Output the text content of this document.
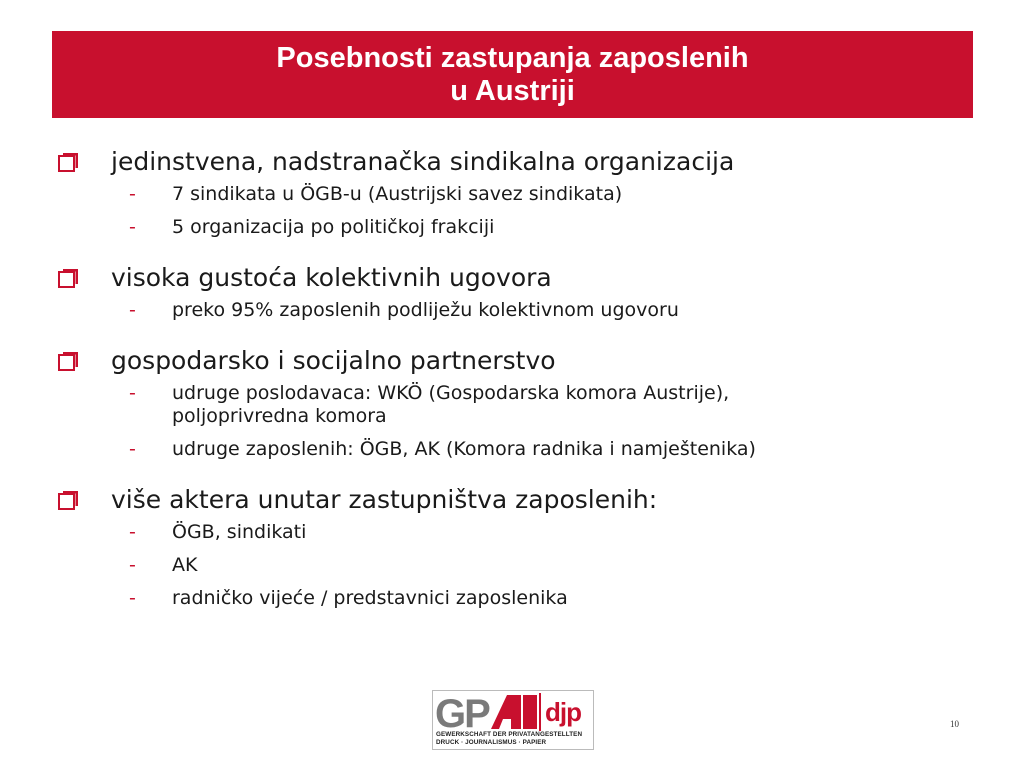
Posebnosti zastupanja zaposlenih
u Austriji
jedinstvena, nadstranačka sindikalna organizacija
-	7 sindikata u ÖGB-u (Austrijski savez sindikata)
-	5 organizacija po političkoj frakciji
visoka gustoća kolektivnih ugovora
-	preko 95% zaposlenih podliježu kolektivnom ugovoru
gospodarsko i socijalno partnerstvo
-	udruge poslodavaca: WKÖ (Gospodarska komora Austrije), poljoprivredna komora
-	udruge zaposlenih: ÖGB, AK (Komora radnika i namještenika)
više aktera unutar zastupništva zaposlenih:
-	ÖGB, sindikati
-	AK
-	radničko vijeće / predstavnici zaposlenika
GP djp
GEWERKSCHAFT DER PRIVATANGESTELLTEN
DRUCK · JOURNALISMUS · PAPIER
10
